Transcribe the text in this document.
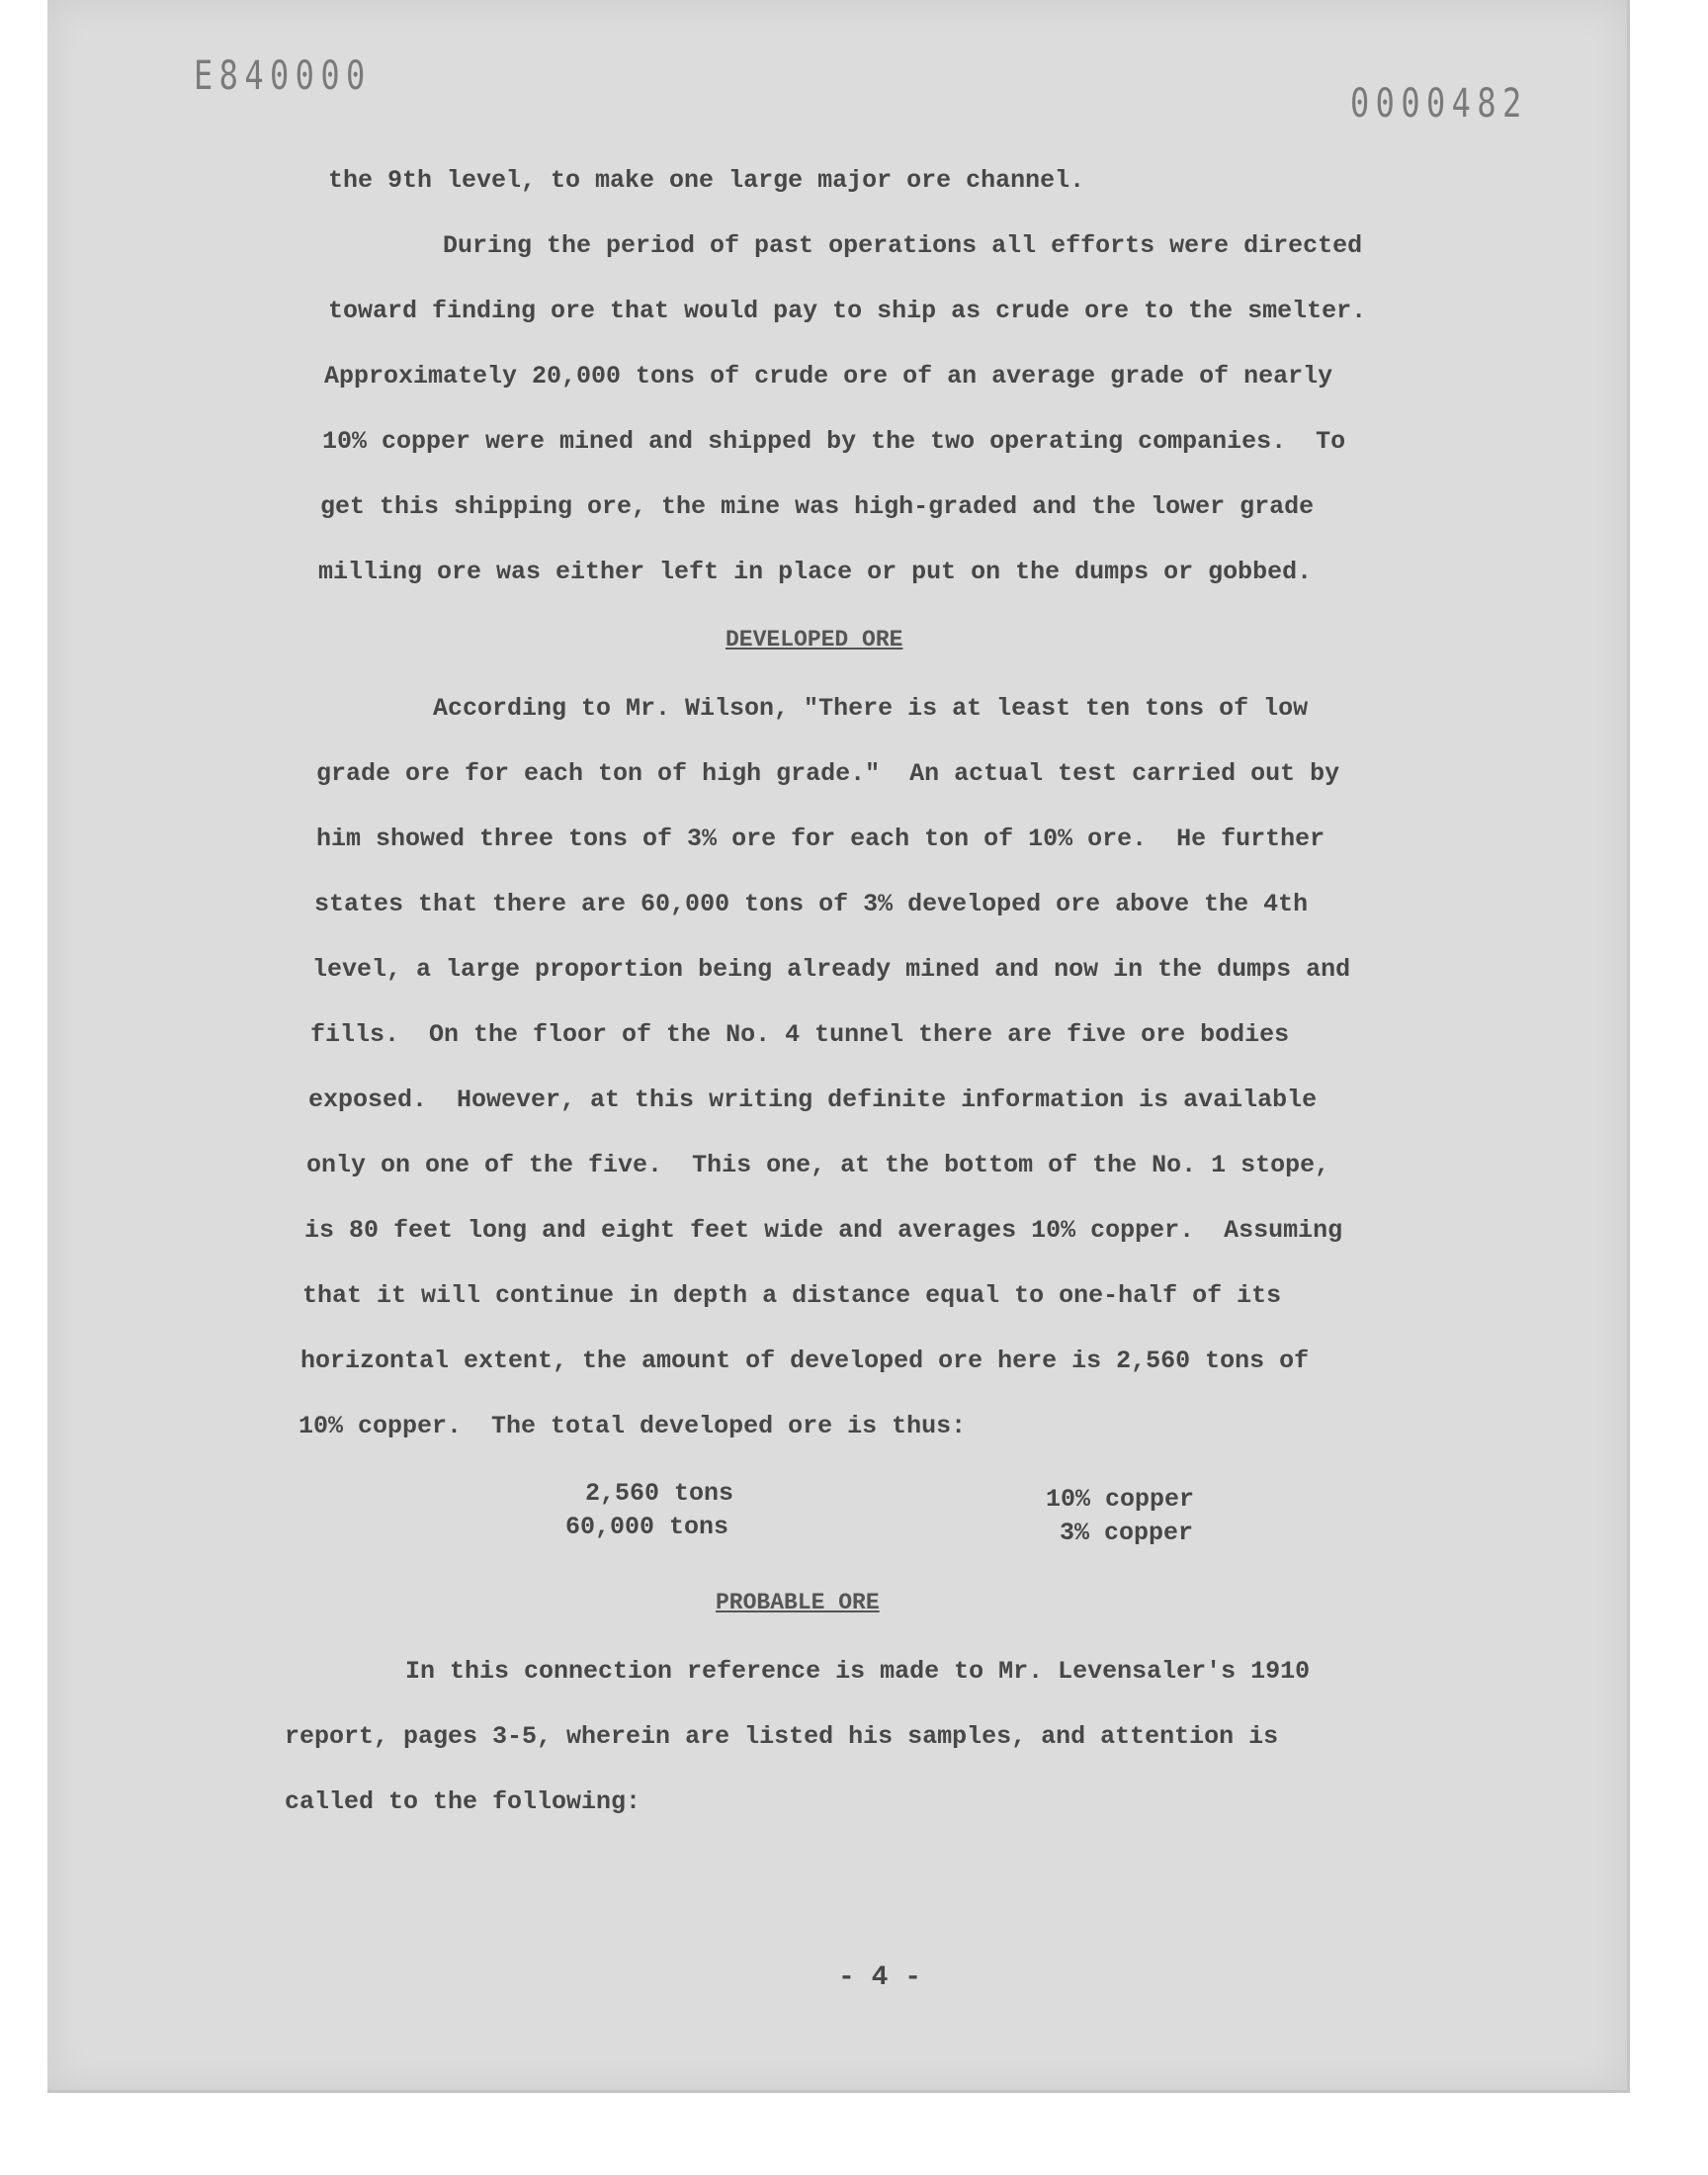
E840000
0000482
the 9th level, to make one large major ore channel.
During the period of past operations all efforts were directed
toward finding ore that would pay to ship as crude ore to the smelter.
Approximately 20,000 tons of crude ore of an average grade of nearly
10% copper were mined and shipped by the two operating companies.  To
get this shipping ore, the mine was high-graded and the lower grade
milling ore was either left in place or put on the dumps or gobbed.
DEVELOPED ORE
According to Mr. Wilson, "There is at least ten tons of low
grade ore for each ton of high grade."  An actual test carried out by
him showed three tons of 3% ore for each ton of 10% ore.  He further
states that there are 60,000 tons of 3% developed ore above the 4th
level, a large proportion being already mined and now in the dumps and
fills.  On the floor of the No. 4 tunnel there are five ore bodies
exposed.  However, at this writing definite information is available
only on one of the five.  This one, at the bottom of the No. 1 stope,
is 80 feet long and eight feet wide and averages 10% copper.  Assuming
that it will continue in depth a distance equal to one-half of its
horizontal extent, the amount of developed ore here is 2,560 tons of
10% copper.  The total developed ore is thus:
2,560 tons	10% copper
60,000 tons	3% copper
PROBABLE ORE
In this connection reference is made to Mr. Levensaler's 1910
report, pages 3-5, wherein are listed his samples, and attention is
called to the following:
- 4 -
